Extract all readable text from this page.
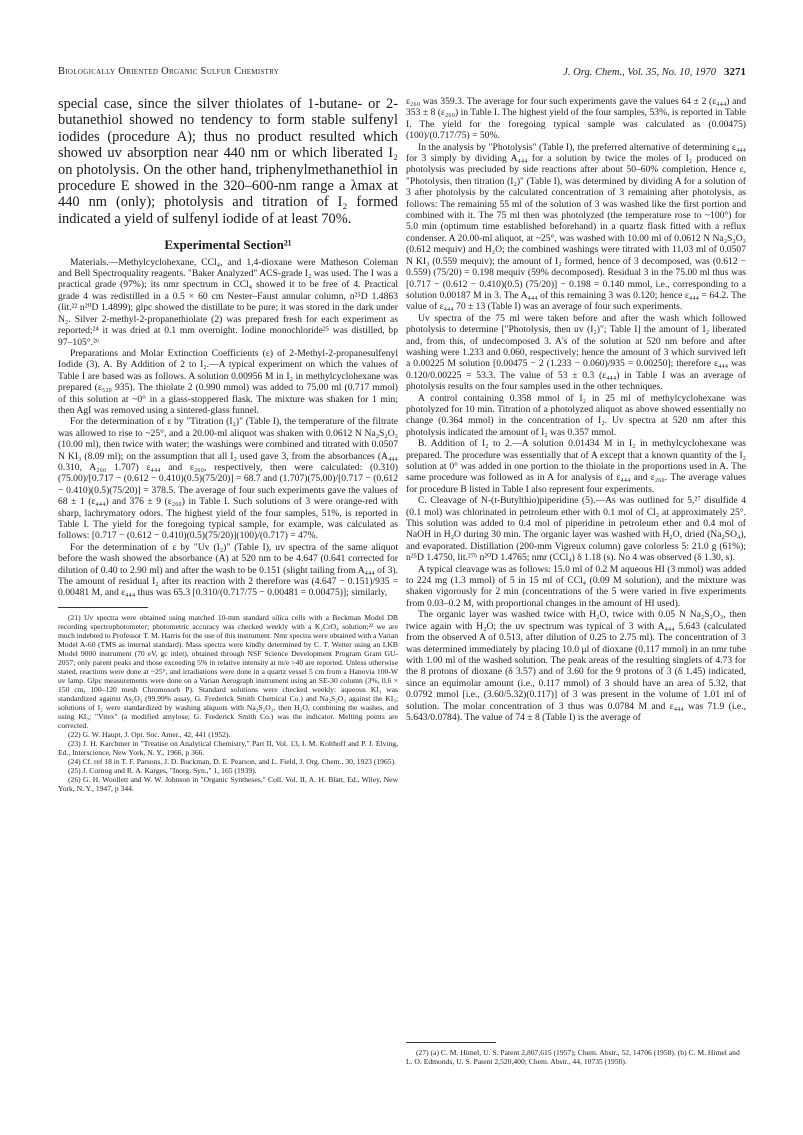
Biologically Oriented Organic Sulfur Chemistry	J. Org. Chem., Vol. 35, No. 10, 1970 3271

special case, since the silver thiolates of 1-butane- or 2-butanethiol showed no tendency to form stable sulfenyl iodides (procedure A); thus no product resulted which showed uv absorption near 440 nm or which liberated I₂ on photolysis. On the other hand, triphenylmethanethiol in procedure E showed in the 320–600-nm range a λmax at 440 nm (only); photolysis and titration of I₂ formed indicated a yield of sulfenyl iodide of at least 70%.

Experimental Section²¹

Materials.—Methylcyclohexane, CCl₄, and 1,4-dioxane were Matheson Coleman and Bell Spectroquality reagents. "Baker Analyzed" ACS-grade I₂ was used. The I was a practical grade (97%); its nmr spectrum in CCl₄ showed it to be free of 4. Practical grade 4 was redistilled in a 0.5 × 60 cm Nester–Faust annular column, n²⁵D 1.4863 (lit.²² n²⁰D 1.4899); glpc showed the distillate to be pure; it was stored in the dark under N₂. Silver 2-methyl-2-propanethiolate (2) was prepared fresh for each experiment as reported;²⁴ it was dried at 0.1 mm overnight. Iodine monochloride²⁵ was distilled, bp 97–105°.²⁶

Preparations and Molar Extinction Coefficients (ε) of 2-Methyl-2-propanesulfenyl Iodide (3). A. By Addition of 2 to I₂.—A typical experiment on which the values of Table I are based was as follows. A solution 0.00956 M in I₂ in methylcyclohexane was prepared (ε₅₂₀ 935). The thiolate 2 (0.990 mmol) was added to 75.00 ml (0.717 mmol) of this solution at ~0° in a glass-stoppered flask. The mixture was shaken for 1 min; then AgI was removed using a sintered-glass funnel.

For the determination of ε by "Titration (I₂)" (Table I), the temperature of the filtrate was allowed to rise to ~25°, and a 20.00-ml aliquot was shaken with 0.0612 N Na₂S₂O₃ (10.00 ml), then twice with water; the washings were combined and titrated with 0.0507 N KI₃ (8.09 ml); on the assumption that all I₂ used gave 3, from the absorbances (A₄₄₄ 0.310, A₂₆₀ 1.707) ε₄₄₄ and ε₂₆₀, respectively, then were calculated: (0.310)(75.00)/[0.717 − (0.612 − 0.410)(0.5)(75/20)] = 68.7 and (1.707)(75.00)/[0.717 − (0.612 − 0.410)(0.5)(75/20)] = 378.5. The average of four such experiments gave the values of 68 ± 1 (ε₄₄₄) and 376 ± 9 (ε₂₆₀) in Table I. Such solutions of 3 were orange-red with sharp, lachrymatory odors. The highest yield of the four samples, 51%, is reported in Table I. The yield for the foregoing typical sample, for example, was calculated as follows: [0.717 − (0.612 − 0.410)(0.5)(75/20)](100)/(0.717) = 47%.

For the determination of ε by "Uv (I₂)" (Table I), uv spectra of the same aliquot before the wash showed the absorbance (A) at 520 nm to be 4.647 (0.641 corrected for dilution of 0.40 to 2.90 ml) and after the wash to be 0.151 (slight tailing from A₄₄₄ of 3). The amount of residual I₂ after its reaction with 2 therefore was (4.647 − 0.151)/935 = 0.00481 M, and ε₄₄₄ thus was 65.3 [0.310/(0.717/75 − 0.00481 = 0.00475)]; similarly,

(21) Uv spectra were obtained using matched 10-mm standard silica cells with a Beckman Model DB recording spectrophotometer; photometric accuracy was checked weekly with a K₂CrO₄ solution;²² we are much indebted to Professor T. M. Harris for the use of this instrument. Nmr spectra were obtained with a Varian Model A-60 (TMS as internal standard). Mass spectra were kindly determined by C. T. Wetter using an LKB Model 9000 instrument (70 eV, gc inlet), obtained through NSF Science Development Program Grant GU-2057; only parent peaks and those exceeding 5% in relative intensity at m/e >40 are reported. Unless otherwise stated, reactions were done at ~25°, and irradiations were done in a quartz vessel 5 cm from a Hanovia 100-W uv lamp. Glpc measurements were done on a Varian Aerograph instrument using an SE-30 column (3%, 0.6 × 150 cm, 100–120 mesh Chromosorb P). Standard solutions were checked weekly: aqueous KI₃ was standardized against As₂O₃ (99.99% assay, G. Frederick Smith Chemical Co.) and Na₂S₂O₃ against the KI₃; solutions of I₂ were standardized by washing aliquots with Na₂S₂O₃, then H₂O, combining the washes, and using KI₃; "Vitex" (a modified amylose; G. Frederick Smith Co.) was the indicator. Melting points are corrected.

(22) G. W. Haupt, J. Opt. Soc. Amer., 42, 441 (1952).

(23) J. H. Karchmer in "Treatise on Analytical Chemistry," Part II, Vol. 13, I. M. Kolthoff and P. J. Elving, Ed., Interscience, New York, N. Y., 1966, p 366.

(24) Cf. ref 18 in T. F. Parsons, J. D. Buckman, D. E. Pearson, and L. Field, J. Org. Chem., 30, 1923 (1965).

(25) J. Cornog and R. A. Karges, "Inorg. Syn.," 1, 165 (1939).

(26) G. H. Woollett and W. W. Johnson in "Organic Syntheses," Coll. Vol. II, A. H. Blatt, Ed., Wiley, New York, N. Y., 1947, p 344.

ε₂₆₀ was 359.3. The average for four such experiments gave the values 64 ± 2 (ε₄₄₄) and 353 ± 8 (ε₂₆₀) in Table I. The highest yield of the four samples, 53%, is reported in Table I. The yield for the foregoing typical sample was calculated as (0.00475)(100)/(0.717/75) = 50%.

In the analysis by "Photolysis" (Table I), the preferred alternative of determining ε₄₄₄ for 3 simply by dividing A₄₄₄ for a solution by twice the moles of I₂ produced on photolysis was precluded by side reactions after about 50–60% completion. Hence ε, "Photolysis, then titration (I₂)" (Table I), was determined by dividing A for a solution of 3 after photolysis by the calculated concentration of 3 remaining after photolysis, as follows: The remaining 55 ml of the solution of 3 was washed like the first portion and combined with it. The 75 ml then was photolyzed (the temperature rose to ~100°) for 5.0 min (optimum time established beforehand) in a quartz flask fitted with a reflux condenser. A 20.00-ml aliquot, at ~25°, was washed with 10.00 ml of 0.0612 N Na₂S₂O₃ (0.612 mequiv) and H₂O; the combined washings were titrated with 11.03 ml of 0.0507 N KI₃ (0.559 mequiv); the amount of I₂ formed, hence of 3 decomposed, was (0.612 − 0.559) (75/20) = 0.198 mequiv (59% decomposed). Residual 3 in the 75.00 ml thus was [0.717 − (0.612 − 0.410)(0.5) (75/20)] − 0.198 = 0.140 mmol, i.e., corresponding to a solution 0.00187 M in 3. The A₄₄₄ of this remaining 3 was 0.120; hence ε₄₄₄ = 64.2. The value of ε₄₄₄ 70 ± 13 (Table I) was an average of four such experiments.

Uv spectra of the 75 ml were taken before and after the wash which followed photolysis to determine ["Photolysis, then uv (I₂)"; Table I] the amount of I₂ liberated and, from this, of undecomposed 3. A's of the solution at 520 nm before and after washing were 1.233 and 0.060, respectively; hence the amount of 3 which survived left a 0.00225 M solution [0.00475 − 2 (1.233 − 0.060)/935 = 0.00250]; therefore ε₄₄₄ was 0.120/0.00225 = 53.3. The value of 53 ± 0.3 (ε₄₄₄) in Table I was an average of photolysis results on the four samples used in the other techniques.

A control containing 0.358 mmol of I₂ in 25 ml of methylcyclohexane was photolyzed for 10 min. Titration of a photolyzed aliquot as above showed essentially no change (0.364 mmol) in the concentration of I₂. Uv spectra at 520 nm after this photolysis indicated the amount of I₂ was 0.357 mmol.

B. Addition of I₂ to 2.—A solution 0.01434 M in I₂ in methylcyclohexane was prepared. The procedure was essentially that of A except that a known quantity of the I₂ solution at 0° was added in one portion to the thiolate in the proportions used in A. The same procedure was followed as in A for analysis of ε₄₄₄ and ε₂₆₀. The average values for procedure B listed in Table I also represent four experiments.

C. Cleavage of N-(t-Butylthio)piperidine (5).—As was outlined for 5,²⁷ disulfide 4 (0.1 mol) was chlorinated in petroleum ether with 0.1 mol of Cl₂ at approximately 25°. This solution was added to 0.4 mol of piperidine in petroleum ether and 0.4 mol of NaOH in H₂O during 30 min. The organic layer was washed with H₂O, dried (Na₂SO₄), and evaporated. Distillation (200-mm Vigreux column) gave colorless 5: 21.0 g (61%); n²⁵D 1.4750, lit.²⁷ᵇ n²⁰D 1.4765; nmr (CCl₄) δ 1.18 (s). No 4 was observed (δ 1.30, s).

A typical cleavage was as follows: 15.0 ml of 0.2 M aqueous HI (3 mmol) was added to 224 mg (1.3 mmol) of 5 in 15 ml of CCl₄ (0.09 M solution), and the mixture was shaken vigorously for 2 min (concentrations of the 5 were varied in five experiments from 0.03–0.2 M, with proportional changes in the amount of HI used).

The organic layer was washed twice with H₂O, twice with 0.05 N Na₂S₂O₃, then twice again with H₂O; the uv spectrum was typical of 3 with A₄₄₄ 5.643 (calculated from the observed A of 0.513, after dilution of 0.25 to 2.75 ml). The concentration of 3 was determined immediately by placing 10.0 μl of dioxane (0.117 mmol) in an nmr tube with 1.00 ml of the washed solution. The peak areas of the resulting singlets of 4.73 for the 8 protons of dioxane (δ 3.57) and of 3.60 for the 9 protons of 3 (δ 1.45) indicated, since an equimolar amount (i.e., 0.117 mmol) of 3 should have an area of 5.32, that 0.0792 mmol [i.e., (3.60/5.32)(0.117)] of 3 was present in the volume of 1.01 ml of solution. The molar concentration of 3 thus was 0.0784 M and ε₄₄₄ was 71.9 (i.e., 5.643/0.0784). The value of 74 ± 8 (Table I) is the average of

(27) (a) C. M. Himel, U. S. Patent 2,807,615 (1957); Chem. Abstr., 52, 14706 (1958). (b) C. M. Himel and L. O. Edmonds, U. S. Patent 2,520,400; Chem. Abstr., 44, 10735 (1950).
